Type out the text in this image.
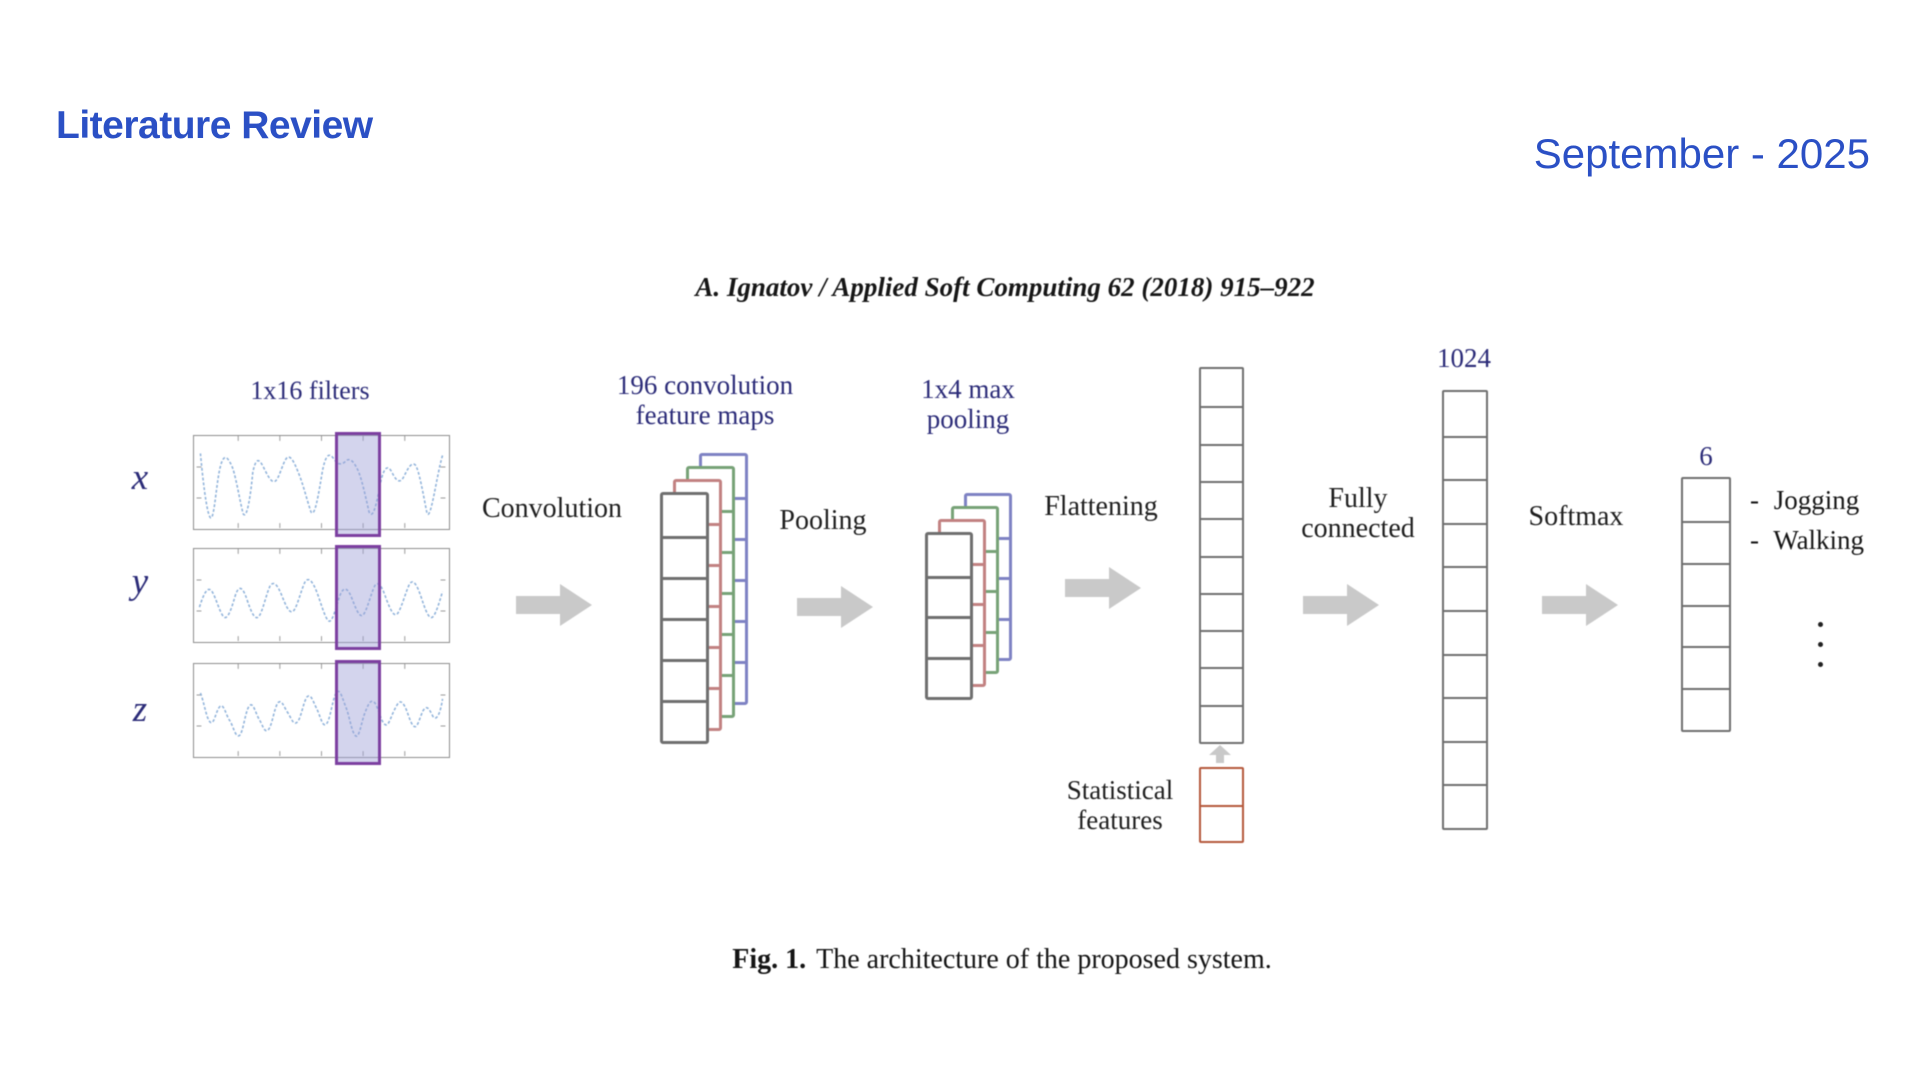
Literature Review
September - 2025
A. Ignatov / Applied Soft Computing 62 (2018) 915–922
1x16 filters
x
y
z
Convolution
196 convolution
feature maps
Pooling
1x4 max
pooling
Flattening
Statistical
features
Fully
connected
1024
Softmax
6
- Jogging
- Walking
Fig. 1. The architecture of the proposed system.
